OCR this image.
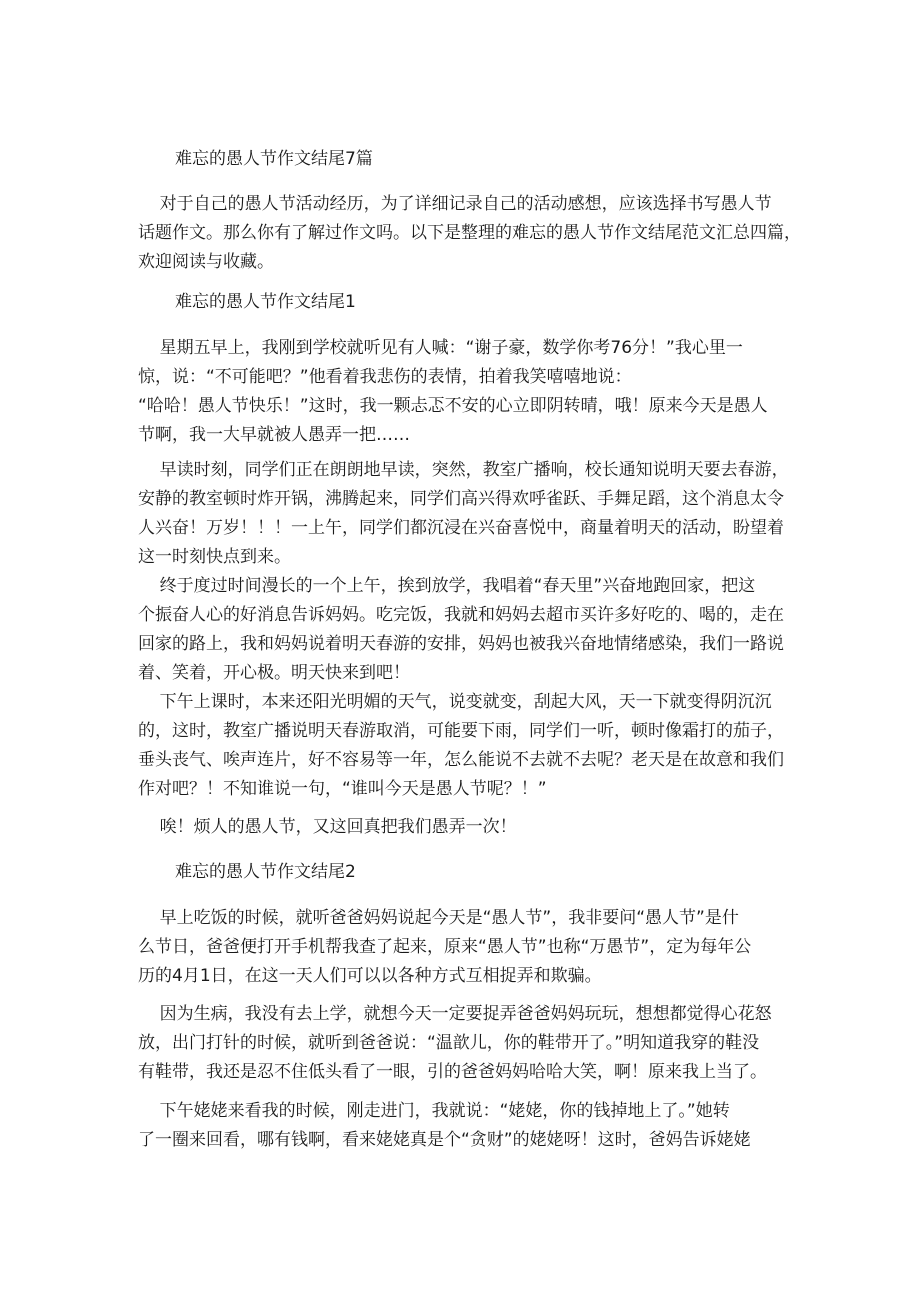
难忘的愚人节作文结尾7篇

对于自己的愚人节活动经历，为了详细记录自己的活动感想，应该选择书写愚人节
话题作文。那么你有了解过作文吗。以下是整理的难忘的愚人节作文结尾范文汇总四篇，
欢迎阅读与收藏。

难忘的愚人节作文结尾1

星期五早上，我刚到学校就听见有人喊：“谢子豪，数学你考76分！”我心里一
惊，说：“不可能吧？”他看着我悲伤的表情，拍着我笑嘻嘻地说：
“哈哈！愚人节快乐！”这时，我一颗忐忑不安的心立即阴转晴，哦！原来今天是愚人
节啊，我一大早就被人愚弄一把……

早读时刻，同学们正在朗朗地早读，突然，教室广播响，校长通知说明天要去春游，
安静的教室顿时炸开锅，沸腾起来，同学们高兴得欢呼雀跃、手舞足蹈，这个消息太令
人兴奋！万岁！！！一上午，同学们都沉浸在兴奋喜悦中，商量着明天的活动，盼望着
这一时刻快点到来。

终于度过时间漫长的一个上午，挨到放学，我唱着“春天里”兴奋地跑回家，把这
个振奋人心的好消息告诉妈妈。吃完饭，我就和妈妈去超市买许多好吃的、喝的，走在
回家的路上，我和妈妈说着明天春游的安排，妈妈也被我兴奋地情绪感染，我们一路说
着、笑着，开心极。明天快来到吧！

下午上课时，本来还阳光明媚的天气，说变就变，刮起大风，天一下就变得阴沉沉
的，这时，教室广播说明天春游取消，可能要下雨，同学们一听，顿时像霜打的茄子，
垂头丧气、唉声连片，好不容易等一年，怎么能说不去就不去呢？老天是在故意和我们
作对吧？！不知谁说一句，“谁叫今天是愚人节呢？！”

唉！烦人的愚人节，又这回真把我们愚弄一次！

难忘的愚人节作文结尾2

早上吃饭的时候，就听爸爸妈妈说起今天是“愚人节”，我非要问“愚人节”是什
么节日，爸爸便打开手机帮我查了起来，原来“愚人节”也称“万愚节”，定为每年公
历的4月1日，在这一天人们可以以各种方式互相捉弄和欺骗。

因为生病，我没有去上学，就想今天一定要捉弄爸爸妈妈玩玩，想想都觉得心花怒
放，出门打针的时候，就听到爸爸说：“温歆儿，你的鞋带开了。”明知道我穿的鞋没
有鞋带，我还是忍不住低头看了一眼，引的爸爸妈妈哈哈大笑，啊！原来我上当了。

下午姥姥来看我的时候，刚走进门，我就说：“姥姥，你的钱掉地上了。”她转
了一圈来回看，哪有钱啊，看来姥姥真是个“贪财”的姥姥呀！这时，爸妈告诉姥姥
